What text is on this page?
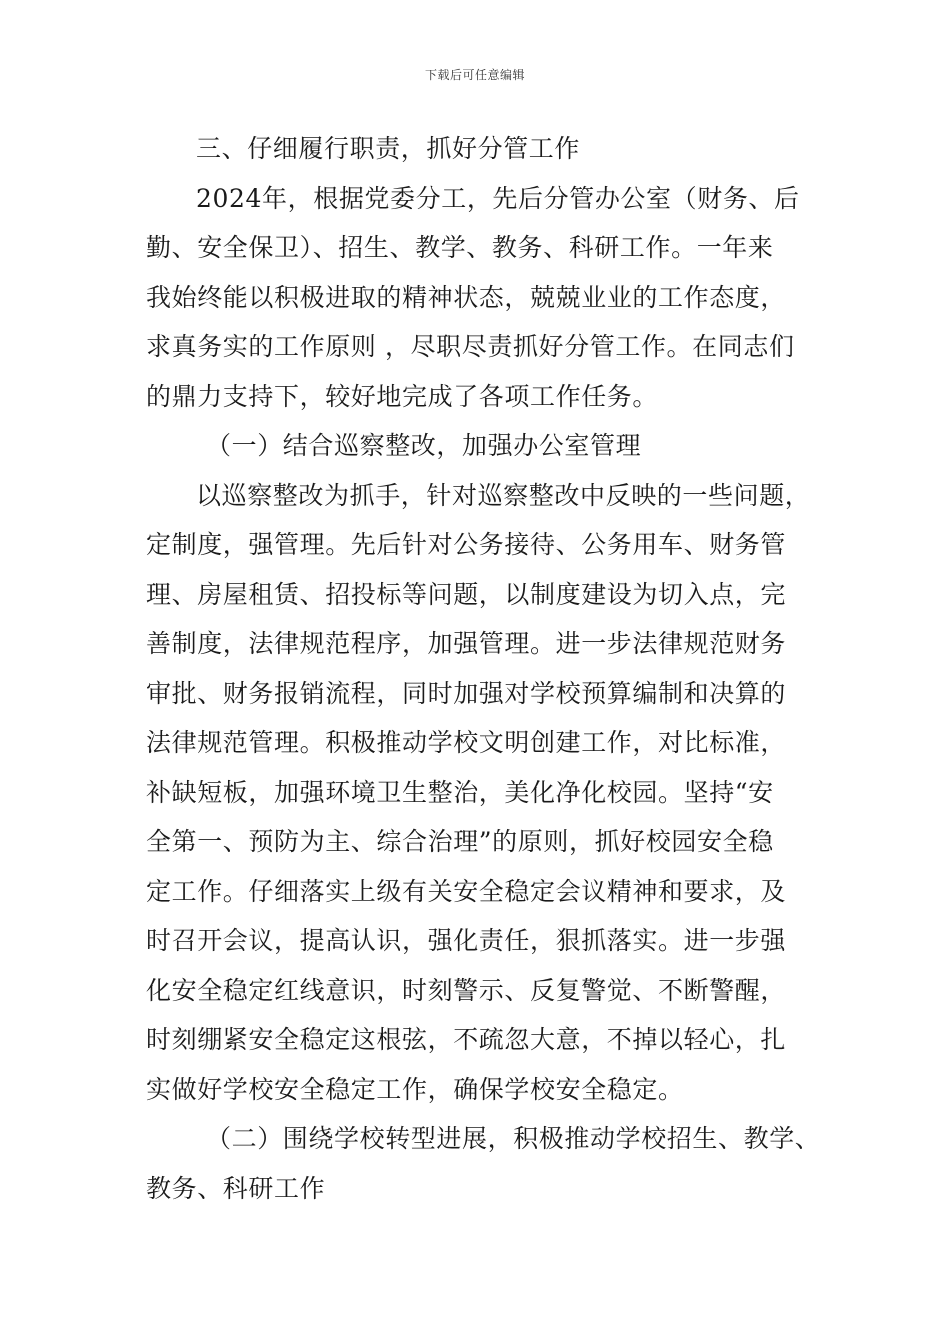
下载后可任意编辑
三、仔细履行职责，抓好分管工作
2024年，根据党委分工，先后分管办公室（财务、后
勤、安全保卫）、招生、教学、教务、科研工作。一年来
我始终能以积极进取的精神状态，兢兢业业的工作态度，
求真务实的工作原则 ，尽职尽责抓好分管工作。在同志们
的鼎力支持下，较好地完成了各项工作任务。
（一）结合巡察整改，加强办公室管理
以巡察整改为抓手，针对巡察整改中反映的一些问题，
定制度，强管理。先后针对公务接待、公务用车、财务管
理、房屋租赁、招投标等问题，以制度建设为切入点，完
善制度，法律规范程序，加强管理。进一步法律规范财务
审批、财务报销流程，同时加强对学校预算编制和决算的
法律规范管理。积极推动学校文明创建工作，对比标准，
补缺短板，加强环境卫生整治，美化净化校园。坚持“安
全第一、预防为主、综合治理”的原则，抓好校园安全稳
定工作。仔细落实上级有关安全稳定会议精神和要求，及
时召开会议，提高认识，强化责任，狠抓落实。进一步强
化安全稳定红线意识，时刻警示、反复警觉、不断警醒，
时刻绷紧安全稳定这根弦，不疏忽大意，不掉以轻心，扎
实做好学校安全稳定工作，确保学校安全稳定。
（二）围绕学校转型进展，积极推动学校招生、教学、
教务、科研工作
